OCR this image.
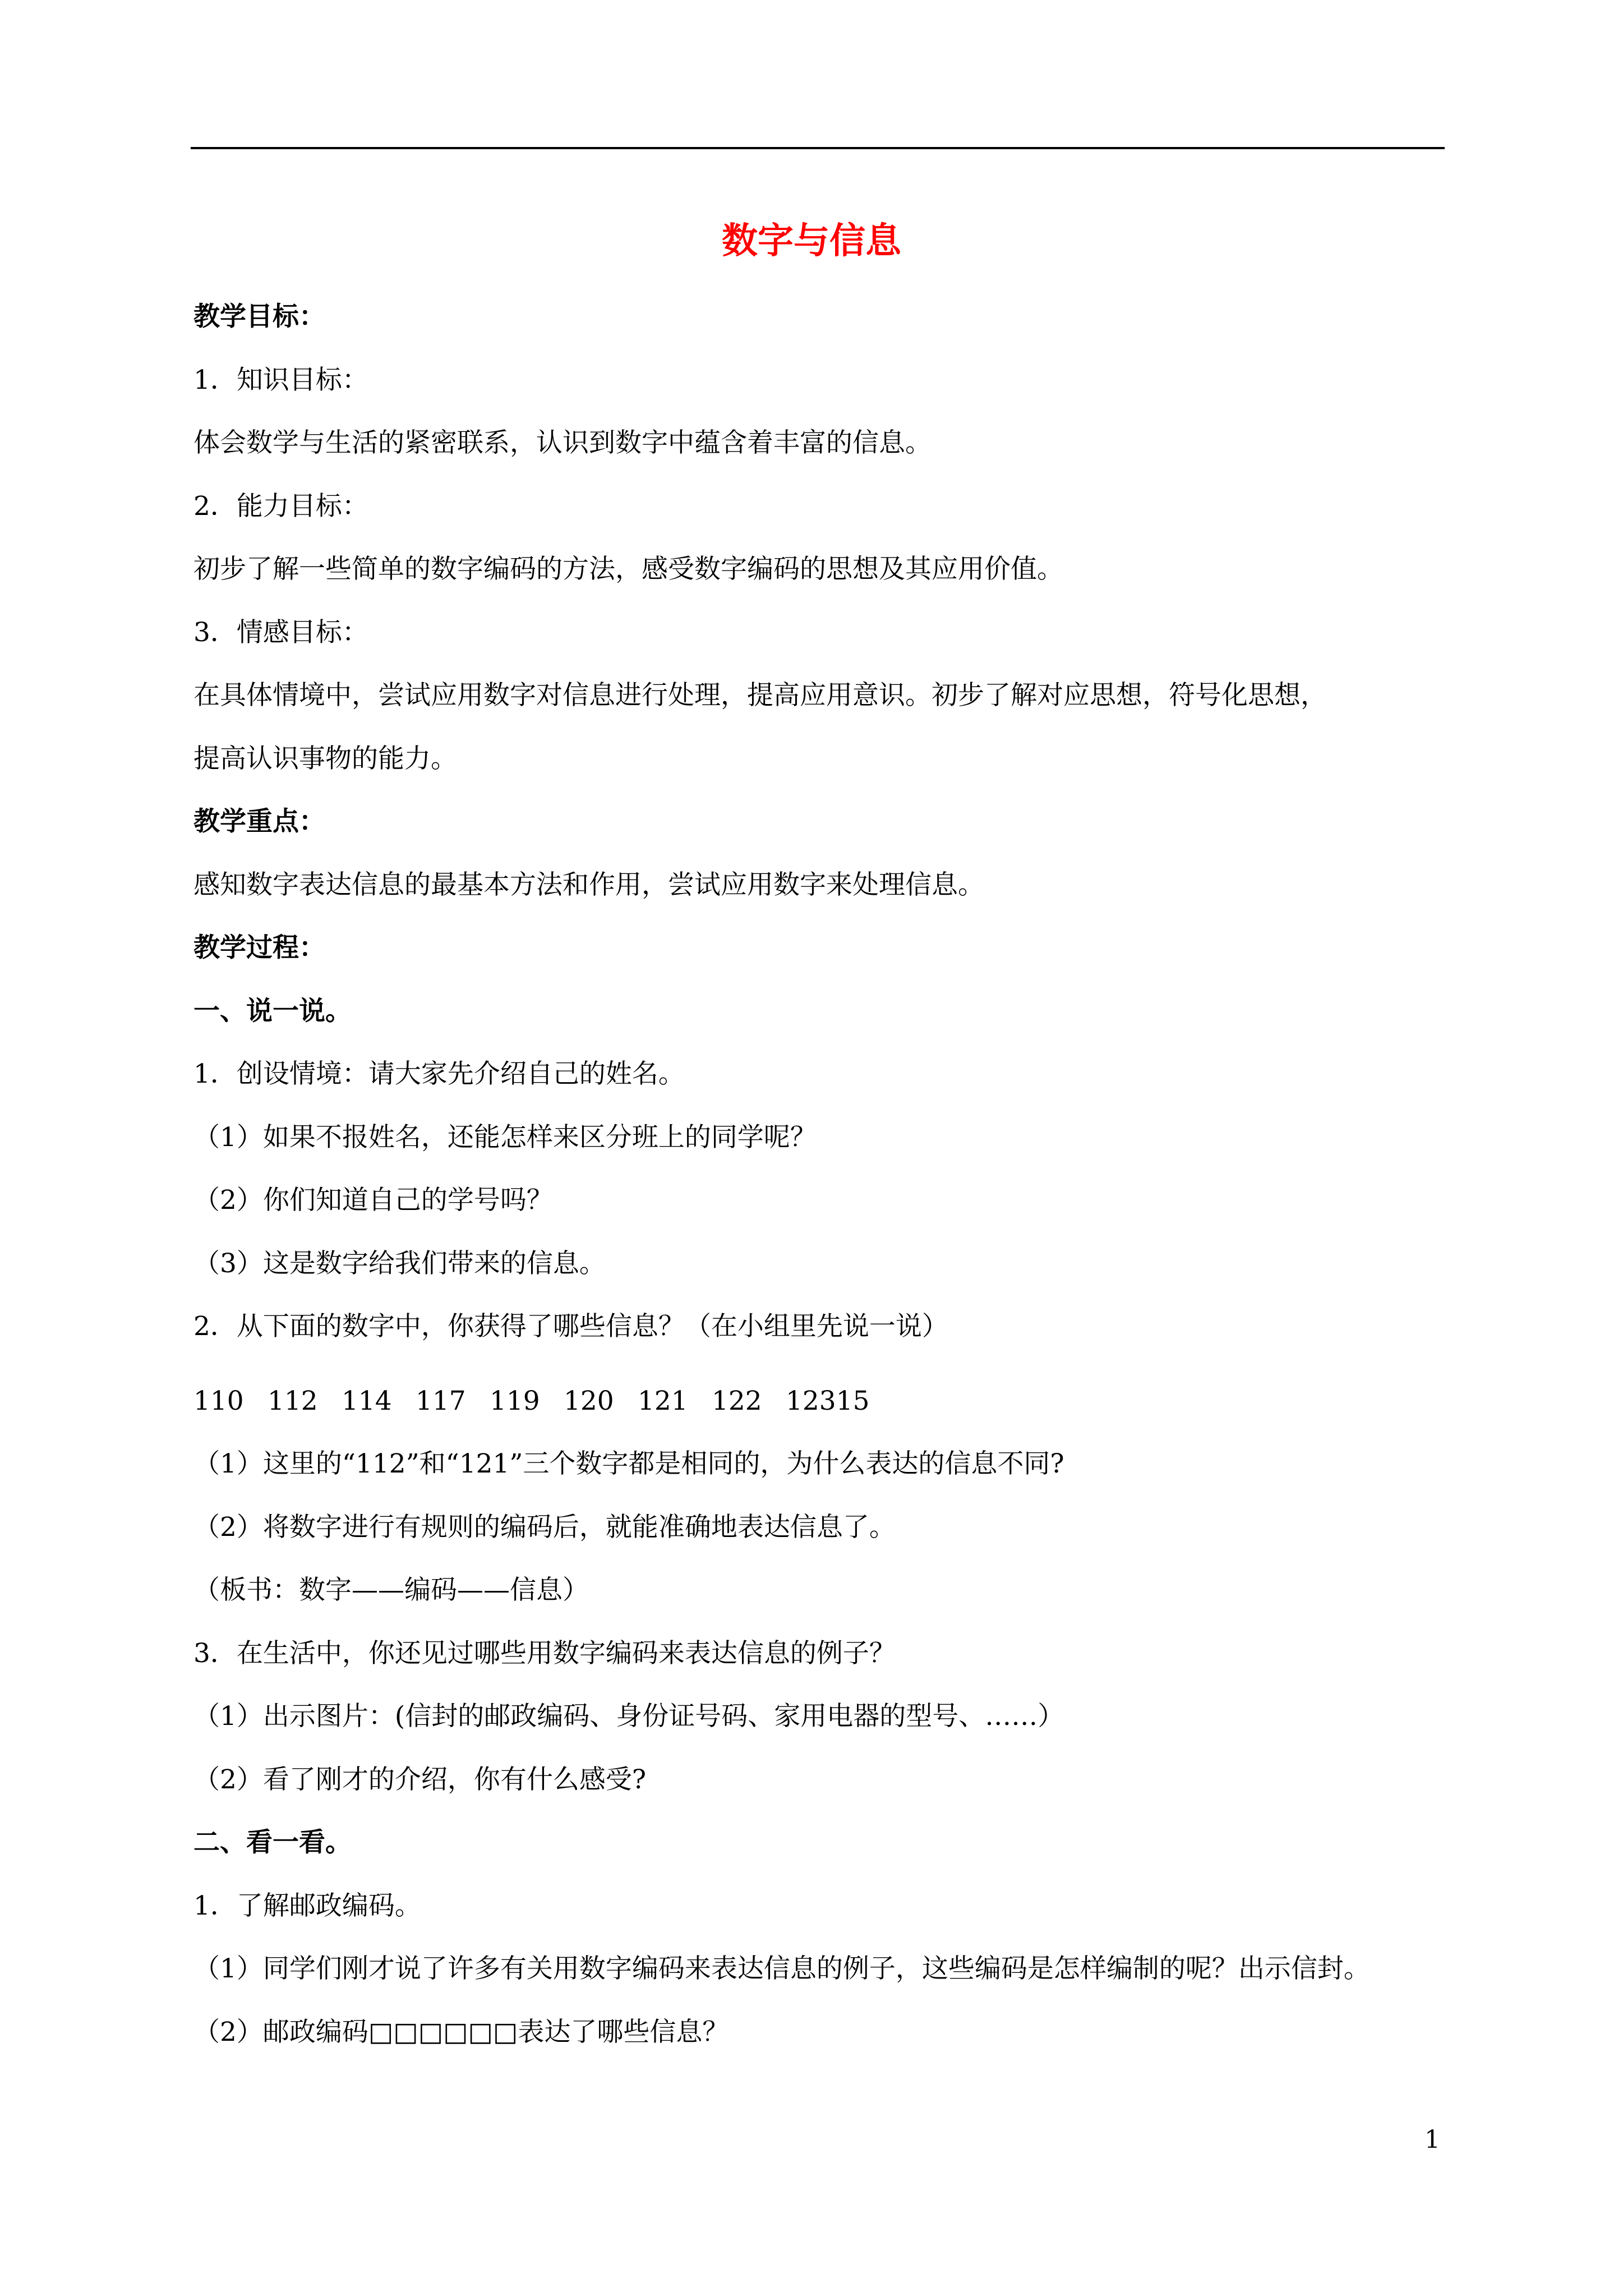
数字与信息
教学目标：
1．知识目标：
体会数学与生活的紧密联系，认识到数字中蕴含着丰富的信息。
2．能力目标：
初步了解一些简单的数字编码的方法，感受数字编码的思想及其应用价值。
3．情感目标：
在具体情境中，尝试应用数字对信息进行处理，提高应用意识。初步了解对应思想，符号化思想，
提高认识事物的能力。
教学重点：
感知数字表达信息的最基本方法和作用，尝试应用数字来处理信息。
教学过程：
一、说一说。
1．创设情境：请大家先介绍自己的姓名。
（1）如果不报姓名，还能怎样来区分班上的同学呢？
（2）你们知道自己的学号吗？
（3）这是数字给我们带来的信息。
2．从下面的数字中，你获得了哪些信息？（在小组里先说一说）
110 112 114 117 119 120 121 122 12315
（1）这里的“112”和“121”三个数字都是相同的，为什么表达的信息不同?
（2）将数字进行有规则的编码后，就能准确地表达信息了。
（板书：数字——编码——信息）
3．在生活中，你还见过哪些用数字编码来表达信息的例子？
（1）出示图片：(信封的邮政编码、身份证号码、家用电器的型号、……）
（2）看了刚才的介绍，你有什么感受?
二、看一看。
1．了解邮政编码。
（1）同学们刚才说了许多有关用数字编码来表达信息的例子，这些编码是怎样编制的呢？出示信封。
（2）邮政编码□□□□□□表达了哪些信息？
1
